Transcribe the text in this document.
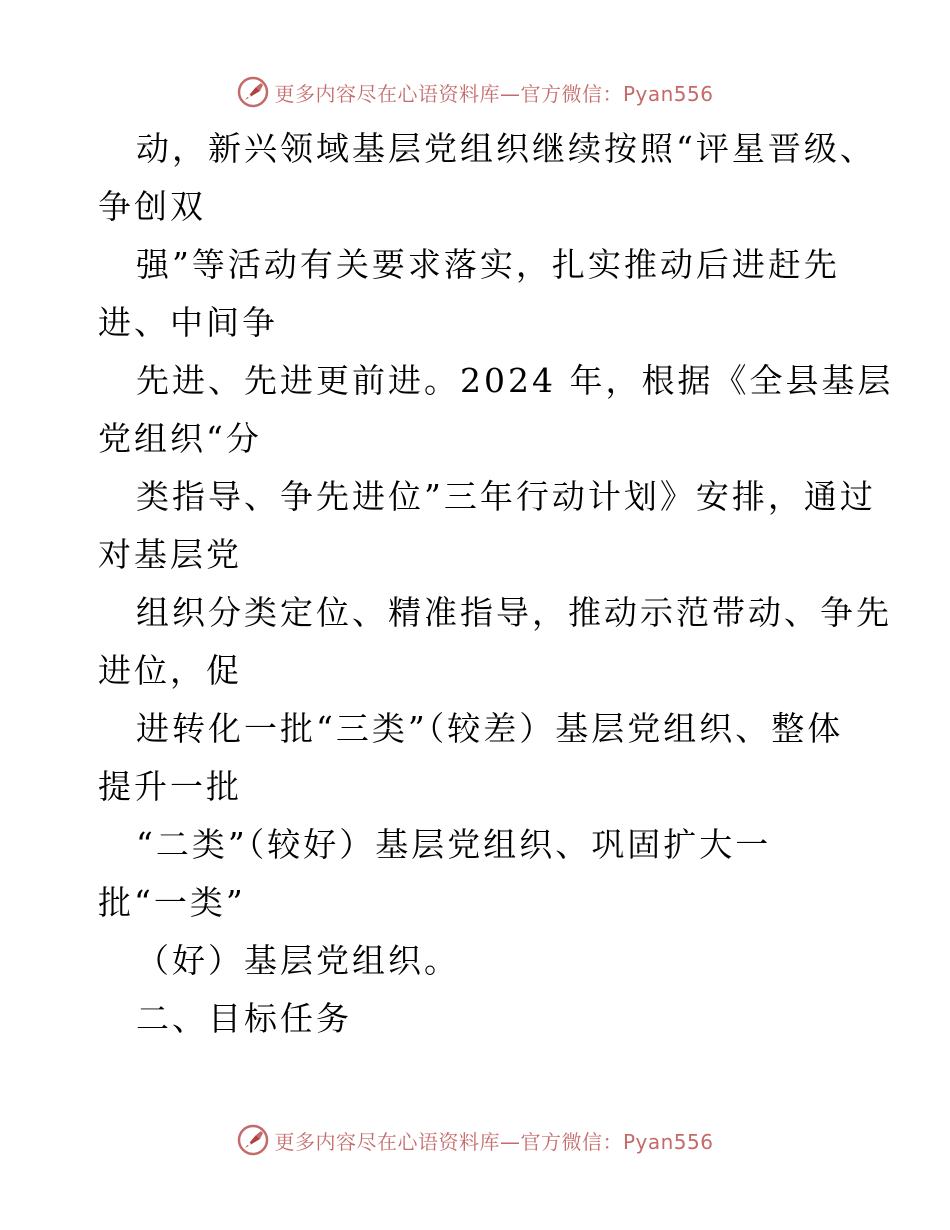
更多内容尽在心语资料库—官方微信：Pyan556
动，新兴领域基层党组织继续按照“评星晋级、
争创双
强”等活动有关要求落实，扎实推动后进赶先
进、中间争
先进、先进更前进。2024 年，根据《全县基层
党组织“分
类指导、争先进位”三年行动计划》安排，通过
对基层党
组织分类定位、精准指导，推动示范带动、争先
进位，促
进转化一批“三类”（较差）基层党组织、整体
提升一批
“二类”（较好）基层党组织、巩固扩大一
批“一类”
（好）基层党组织。
二、目标任务
更多内容尽在心语资料库—官方微信：Pyan556
